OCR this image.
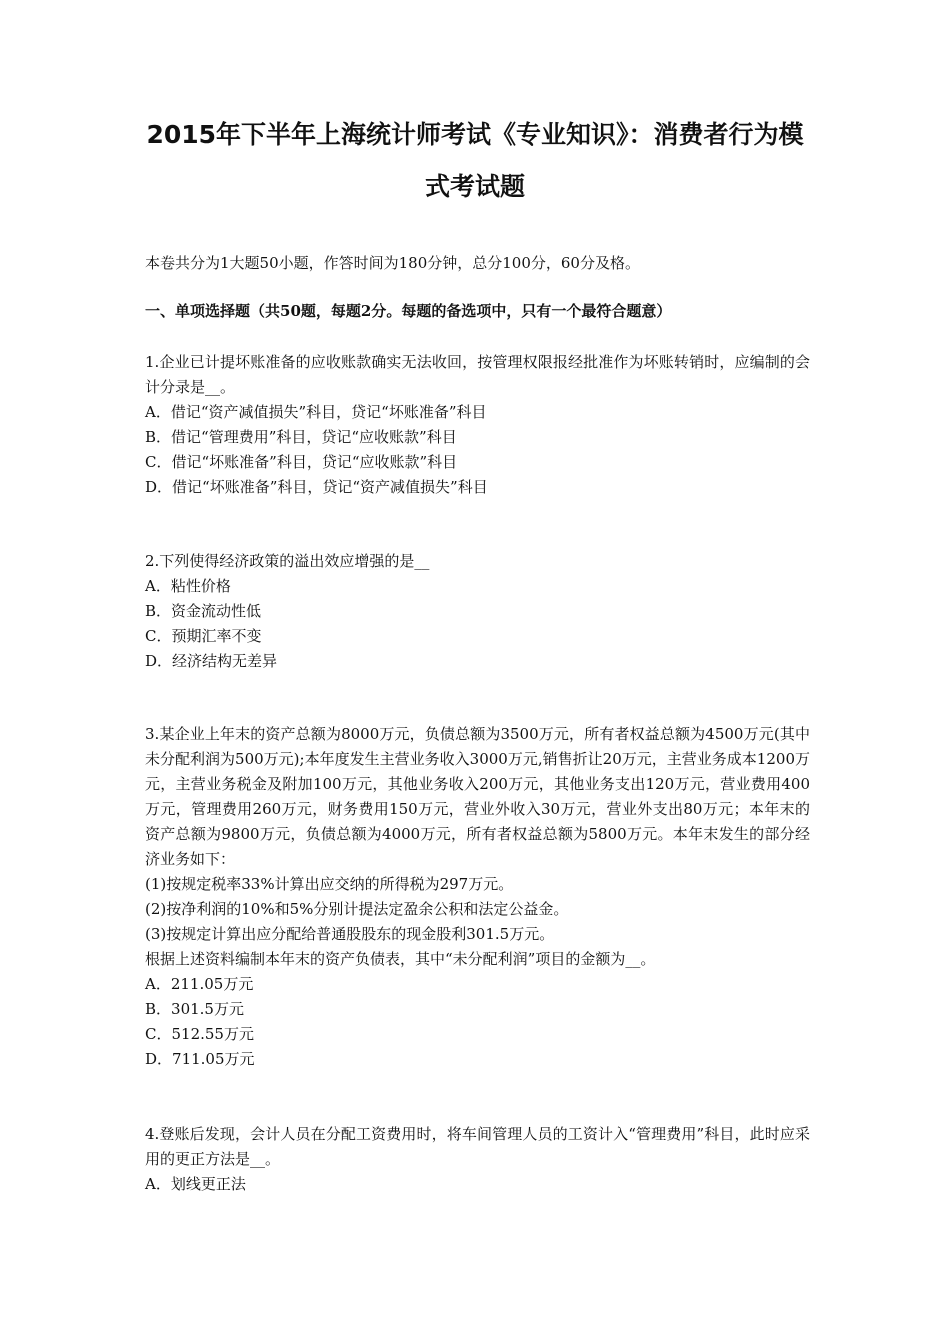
2015年下半年上海统计师考试《专业知识》：消费者行为模
式考试题
本卷共分为1大题50小题，作答时间为180分钟，总分100分，60分及格。
一、单项选择题（共50题，每题2分。每题的备选项中，只有一个最符合题意）

1.企业已计提坏账准备的应收账款确实无法收回，按管理权限报经批准作为坏账转销时，应编制的会计分录是__。

A．借记“资产减值损失”科目，贷记“坏账准备”科目

B．借记“管理费用”科目，贷记“应收账款”科目

C．借记“坏账准备”科目，贷记“应收账款”科目

D．借记“坏账准备”科目，贷记“资产减值损失”科目

2.下列使得经济政策的溢出效应增强的是__

A．粘性价格

B．资金流动性低

C．预期汇率不变

D．经济结构无差异

3.某企业上年末的资产总额为8000万元，负债总额为3500万元，所有者权益总额为4500万元(其中未分配利润为500万元);本年度发生主营业务收入3000万元,销售折让20万元，主营业务成本1200万元，主营业务税金及附加100万元，其他业务收入200万元，其他业务支出120万元，营业费用400万元，管理费用260万元，财务费用150万元，营业外收入30万元，营业外支出80万元；本年末的资产总额为9800万元，负债总额为4000万元，所有者权益总额为5800万元。本年末发生的部分经济业务如下：

(1)按规定税率33%计算出应交纳的所得税为297万元。

(2)按净利润的10%和5%分别计提法定盈余公积和法定公益金。

(3)按规定计算出应分配给普通股股东的现金股利301.5万元。

根据上述资料编制本年末的资产负债表，其中“未分配利润”项目的金额为__。

A．211.05万元

B．301.5万元

C．512.55万元

D．711.05万元

4.登账后发现，会计人员在分配工资费用时，将车间管理人员的工资计入“管理费用”科目，此时应采用的更正方法是__。

A．划线更正法
